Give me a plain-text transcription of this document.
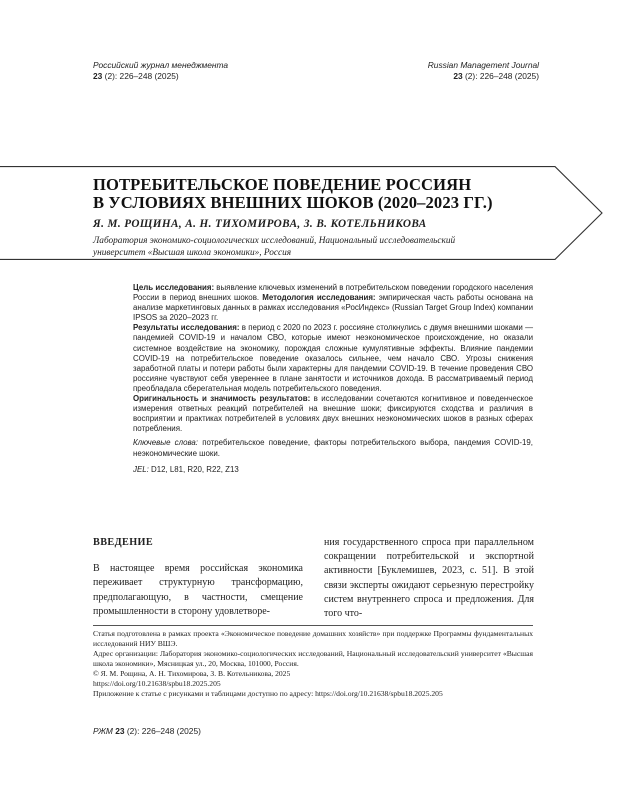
Российский журнал менеджмента
23 (2): 226–248 (2025)
Russian Management Journal
23 (2): 226–248 (2025)
ПОТРЕБИТЕЛЬСКОЕ ПОВЕДЕНИЕ РОССИЯН
В УСЛОВИЯХ ВНЕШНИХ ШОКОВ (2020–2023 ГГ.)
Я. М. РОЩИНА, А. Н. ТИХОМИРОВА, З. В. КОТЕЛЬНИКОВА
Лаборатория экономико-социологических исследований, Национальный исследовательский университет «Высшая школа экономики», Россия

Цель исследования: выявление ключевых изменений в потребительском поведении городского населения России в период внешних шоков. Методология исследования: эмпирическая часть работы основана на анализе маркетинговых данных в рамках исследования «РосИндекс» (Russian Target Group Index) компании IPSOS за 2020–2023 гг.

Результаты исследования: в период с 2020 по 2023 г. россияне столкнулись с двумя внешними шоками — пандемией COVID-19 и началом СВО, которые имеют неэкономическое происхождение, но оказали системное воздействие на экономику, порождая сложные кумулятивные эффекты. Влияние пандемии COVID-19 на потребительское поведение оказалось сильнее, чем начало СВО. Угрозы снижения заработной платы и потери работы были характерны для пандемии COVID-19. В течение проведения СВО россияне чувствуют себя увереннее в плане занятости и источников дохода. В рассматриваемый период преобладала сберегательная модель потребительского поведения.

Оригинальность и значимость результатов: в исследовании сочетаются когнитивное и поведенческое измерения ответных реакций потребителей на внешние шоки; фиксируются сходства и различия в восприятии и практиках потребителей в условиях двух внешних неэкономических шоков в разных сферах потребления.

Ключевые слова: потребительское поведение, факторы потребительского выбора, пандемия COVID-19, неэкономические шоки.

JEL: D12, L81, R20, R22, Z13

ВВЕДЕНИЕ

В настоящее время российская экономика переживает структурную трансформацию, предполагающую, в частности, смещение промышленности в сторону удовлетворе-

ния государственного спроса при параллельном сокращении потребительской и экспортной активности [Буклемишев, 2023, с. 51]. В этой связи эксперты ожидают серьезную перестройку систем внутреннего спроса и предложения. Для того что-

Статья подготовлена в рамках проекта «Экономическое поведение домашних хозяйств» при поддержке Программы фундаментальных исследований НИУ ВШЭ.

Адрес организации: Лаборатория экономико-социологических исследований, Национальный исследовательский университет «Высшая школа экономики», Мясницкая ул., 20, Москва, 101000, Россия.

© Я. М. Рощина, А. Н. Тихомирова, З. В. Котельникова, 2025

https://doi.org/10.21638/spbu18.2025.205

Приложение к статье с рисунками и таблицами доступно по адресу: https://doi.org/10.21638/spbu18.2025.205

РЖМ 23 (2): 226–248 (2025)
